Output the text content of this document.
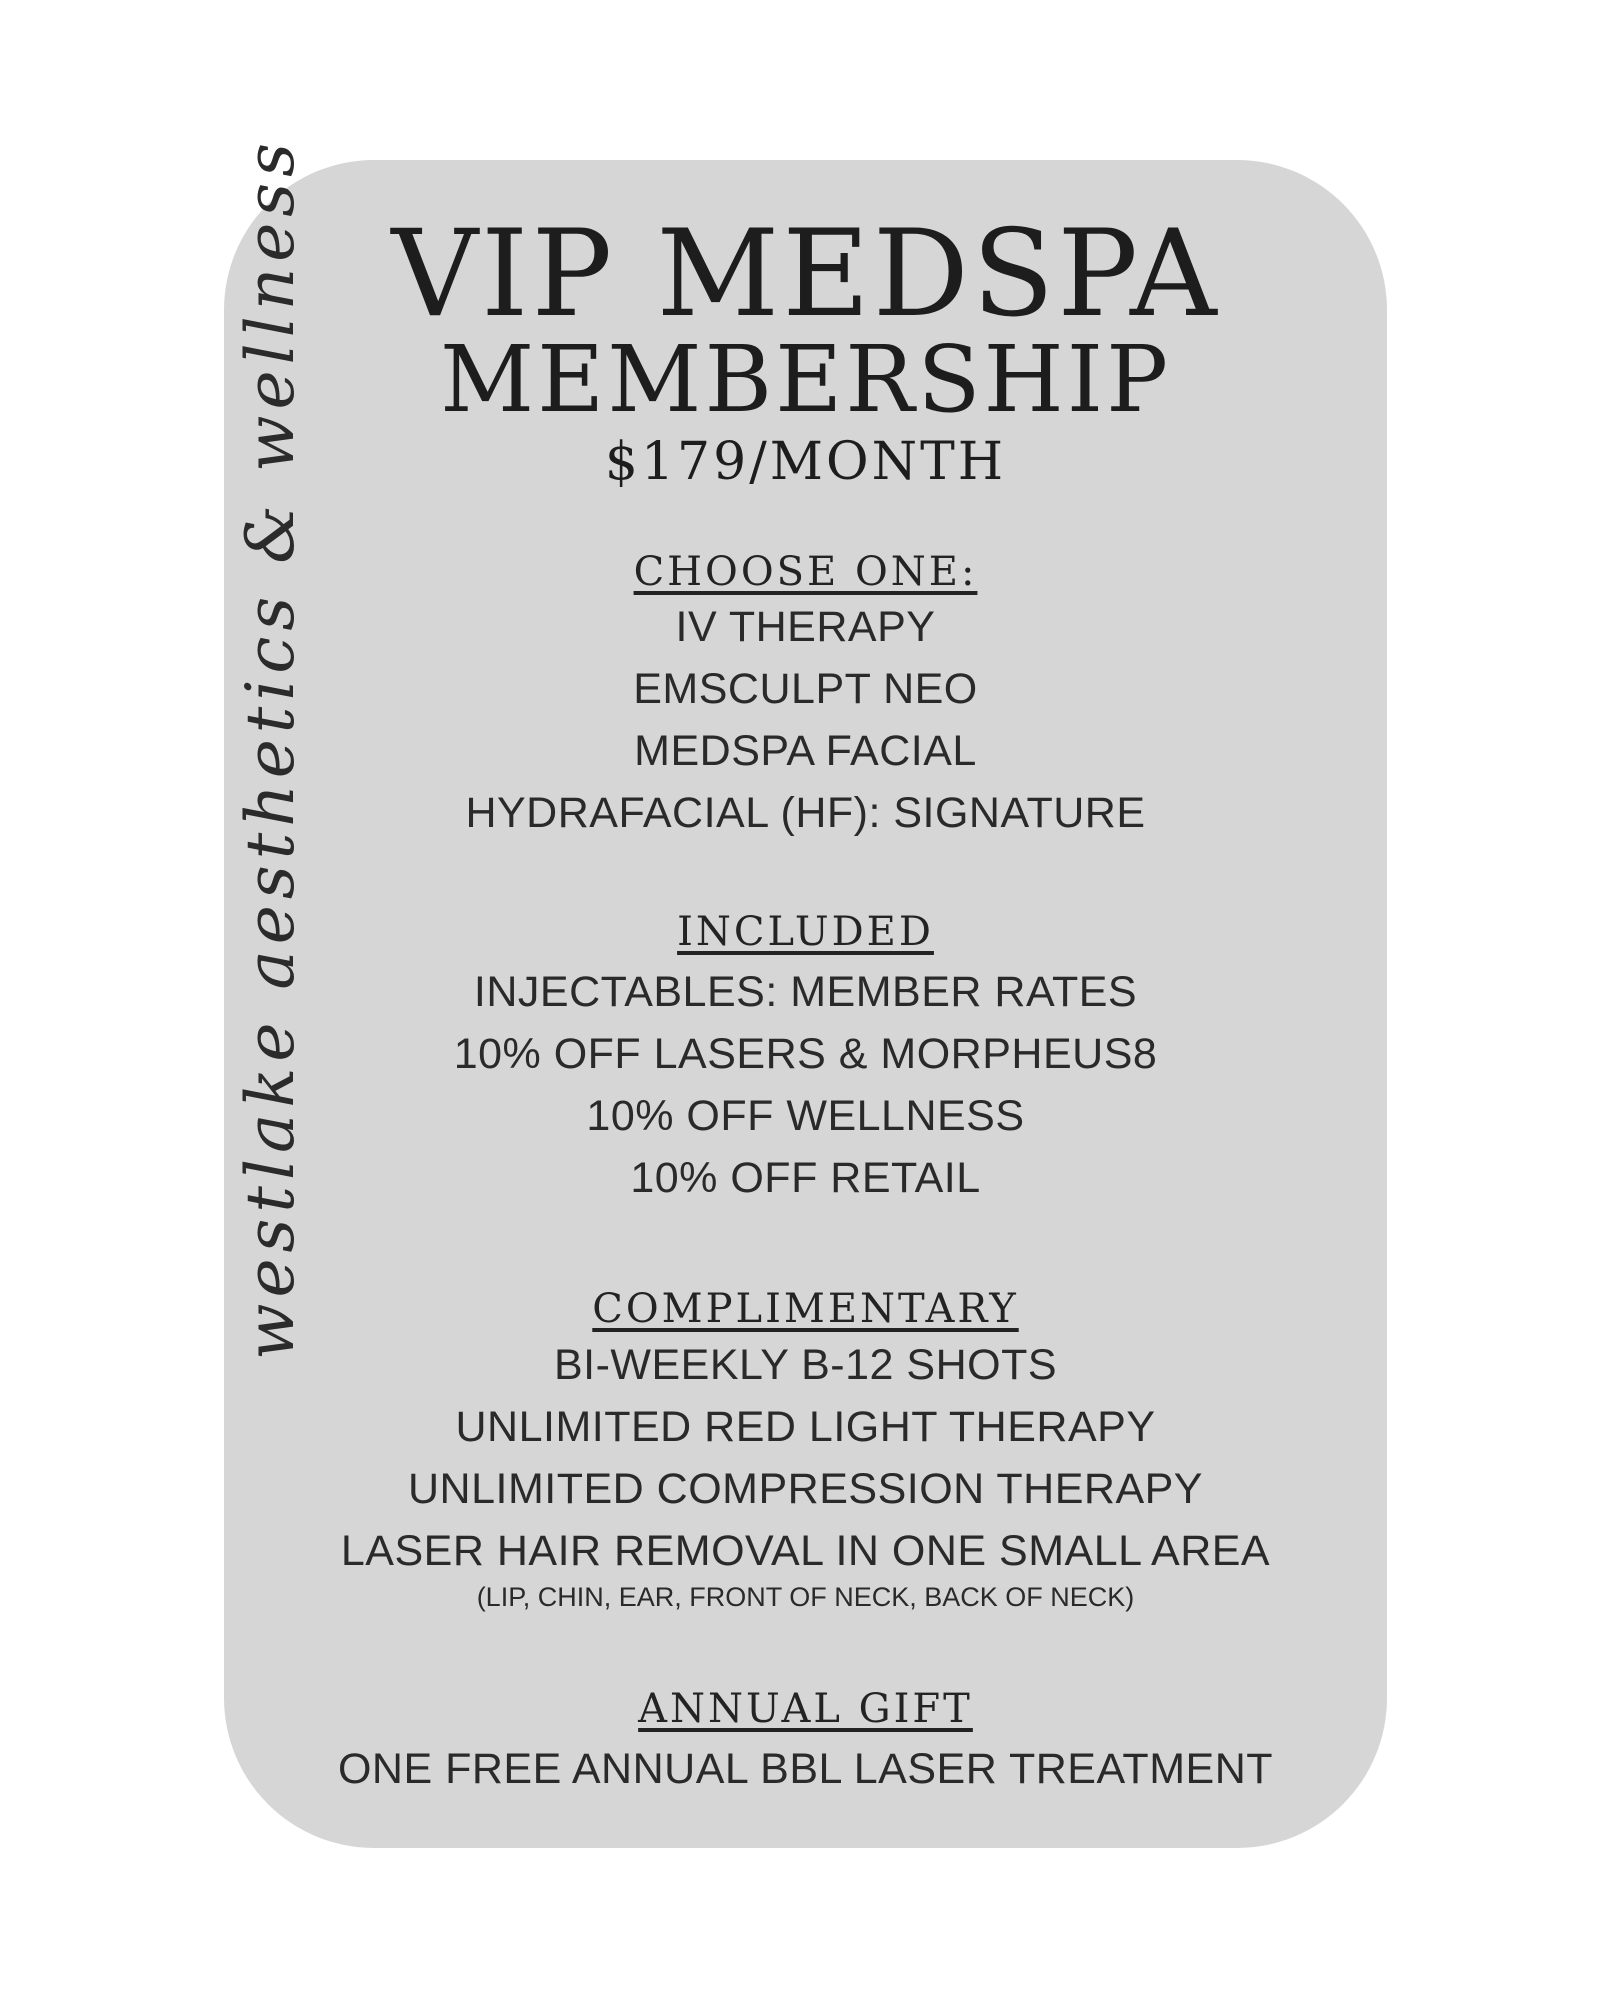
westlake aesthetics & wellness VIP MEDSPA
MEMBERSHIP
$179/MONTH
CHOOSE ONE:
IV THERAPY
EMSCULPT NEO
MEDSPA FACIAL
HYDRAFACIAL (HF): SIGNATURE
INCLUDED
INJECTABLES: MEMBER RATES
10% OFF LASERS & MORPHEUS8
10% OFF WELLNESS
10% OFF RETAIL
COMPLIMENTARY
BI-WEEKLY B-12 SHOTS
UNLIMITED RED LIGHT THERAPY
UNLIMITED COMPRESSION THERAPY
LASER HAIR REMOVAL IN ONE SMALL AREA
(LIP, CHIN, EAR, FRONT OF NECK, BACK OF NECK)
ANNUAL GIFT
ONE FREE ANNUAL BBL LASER TREATMENT
